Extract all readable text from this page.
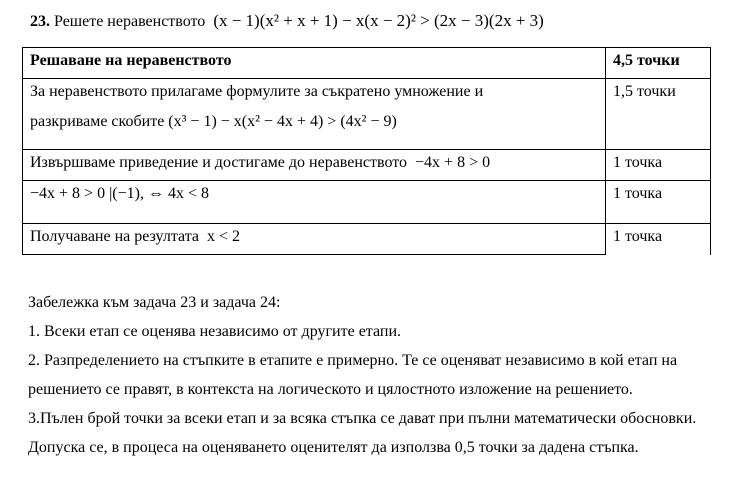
23. Решете неравенството (x − 1)(x² + x + 1) − x(x − 2)² > (2x − 3)(2x + 3)
Решаване на неравенството	4,5 точки
За неравенството прилагаме формулите за съкратено умножение и
разкриваме скобите (x³ − 1) − x(x² − 4x + 4) > (4x² − 9)	1,5 точки
Извършваме приведение и достигаме до неравенството −4x + 8 > 0	1 точка
−4x + 8 > 0 |(−1), ⇔ 4x < 8	1 точка
Получаване на резултата x < 2	1 точка

Забележка към задача 23 и задача 24:

1. Всеки етап се оценява независимо от другите етапи.

2. Разпределението на стъпките в етапите е примерно. Те се оценяват независимо в кой етап на

решението се правят, в контекста на логическото и цялостното изложение на решението.

3.Пълен брой точки за всеки етап и за всяка стъпка се дават при пълни математически обосновки.

Допуска се, в процеса на оценяването оценителят да използва 0,5 точки за дадена стъпка.
